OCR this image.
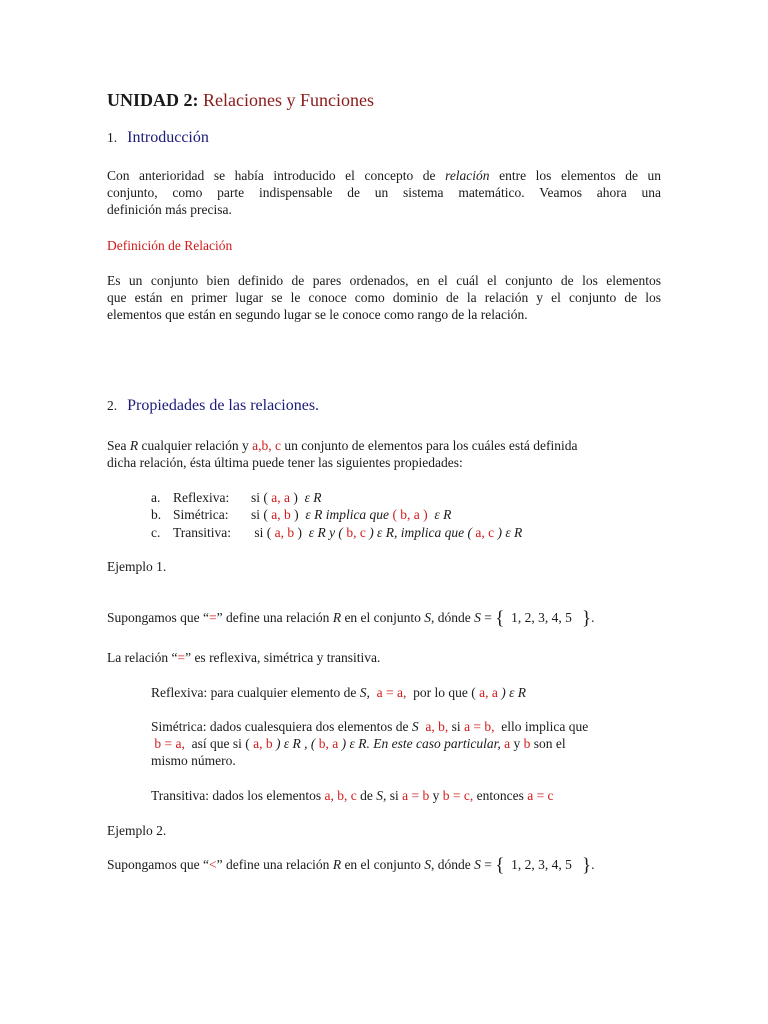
UNIDAD 2: Relaciones y Funciones
1. Introducción
Con anterioridad se había introducido el concepto de relación entre los elementos de un
conjunto, como parte indispensable de un sistema matemático. Veamos ahora una
definición más precisa.
Definición de Relación
Es un conjunto bien definido de pares ordenados, en el cuál el conjunto de los elementos
que están en primer lugar se le conoce como dominio de la relación y el conjunto de los
elementos que están en segundo lugar se le conoce como rango de la relación.
2. Propiedades de las relaciones.
Sea R cualquier relación y a,b, c un conjunto de elementos para los cuáles está definida
dicha relación, ésta última puede tener las siguientes propiedades:
a. Reflexiva: si ( a, a ) ε R
b. Simétrica: si ( a, b ) ε R implica que ( b, a ) ε R
c. Transitiva: si ( a, b ) ε R y ( b, c ) ε R, implica que ( a, c ) ε R
Ejemplo 1.
Supongamos que “=” define una relación R en el conjunto S, dónde S = { 1, 2, 3, 4, 5 }.
La relación “=” es reflexiva, simétrica y transitiva.
Reflexiva: para cualquier elemento de S, a = a, por lo que ( a, a ) ε R
Simétrica: dados cualesquiera dos elementos de S a, b, si a = b, ello implica que
b = a, así que si ( a, b ) ε R , ( b, a ) ε R. En este caso particular, a y b son el
mismo número.
Transitiva: dados los elementos a, b, c de S, si a = b y b = c, entonces a = c
Ejemplo 2.
Supongamos que “<” define una relación R en el conjunto S, dónde S = { 1, 2, 3, 4, 5 }.
